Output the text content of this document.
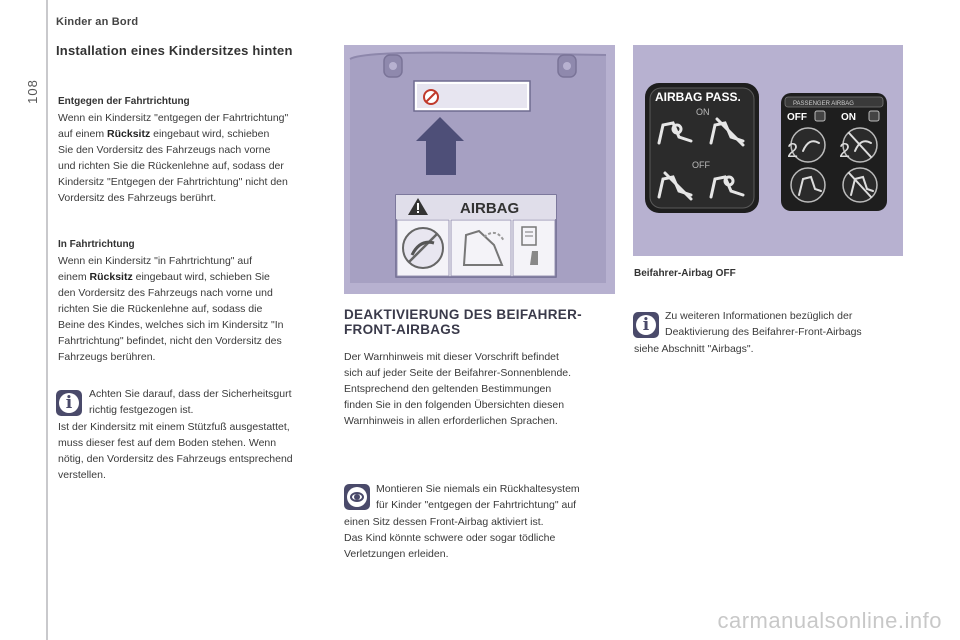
108
Kinder an Bord
Installation eines Kindersitzes hinten
Entgegen der Fahrtrichtung
Wenn ein Kindersitz "entgegen der Fahrtrichtung"
auf einem Rücksitz eingebaut wird, schieben
Sie den Vordersitz des Fahrzeugs nach vorne
und richten Sie die Rückenlehne auf, sodass der
Kindersitz "Entgegen der Fahrtrichtung" nicht den
Vordersitz des Fahrzeugs berührt.
In Fahrtrichtung
Wenn ein Kindersitz "in Fahrtrichtung" auf
einem Rücksitz eingebaut wird, schieben Sie
den Vordersitz des Fahrzeugs nach vorne und
richten Sie die Rückenlehne auf, sodass die
Beine des Kindes, welches sich im Kindersitz "In
Fahrtrichtung" befindet, nicht den Vordersitz des
Fahrzeugs berühren.
i
Achten Sie darauf, dass der Sicherheitsgurt
richtig festgezogen ist.
Ist der Kindersitz mit einem Stützfuß ausgestattet,
muss dieser fest auf dem Boden stehen. Wenn
nötig, den Vordersitz des Fahrzeugs entsprechend
verstellen.
AIRBAG
DEAKTIVIERUNG DES BEIFAHRER-
FRONT-AIRBAGS
Der Warnhinweis mit dieser Vorschrift befindet
sich auf jeder Seite der Beifahrer-Sonnenblende.
Entsprechend den geltenden Bestimmungen
finden Sie in den folgenden Übersichten diesen
Warnhinweis in allen erforderlichen Sprachen.
Montieren Sie niemals ein Rückhaltesystem
für Kinder "entgegen der Fahrtrichtung" auf
einen Sitz dessen Front-Airbag aktiviert ist.
Das Kind könnte schwere oder sogar tödliche
Verletzungen erleiden.
AIRBAG PASS.
ON
OFF
PASSENGER AIRBAG
OFF	ON
2 2
Beifahrer-Airbag OFF
i
Zu weiteren Informationen bezüglich der
Deaktivierung des Beifahrer-Front-Airbags
siehe Abschnitt "Airbags".
carmanualsonline.info
